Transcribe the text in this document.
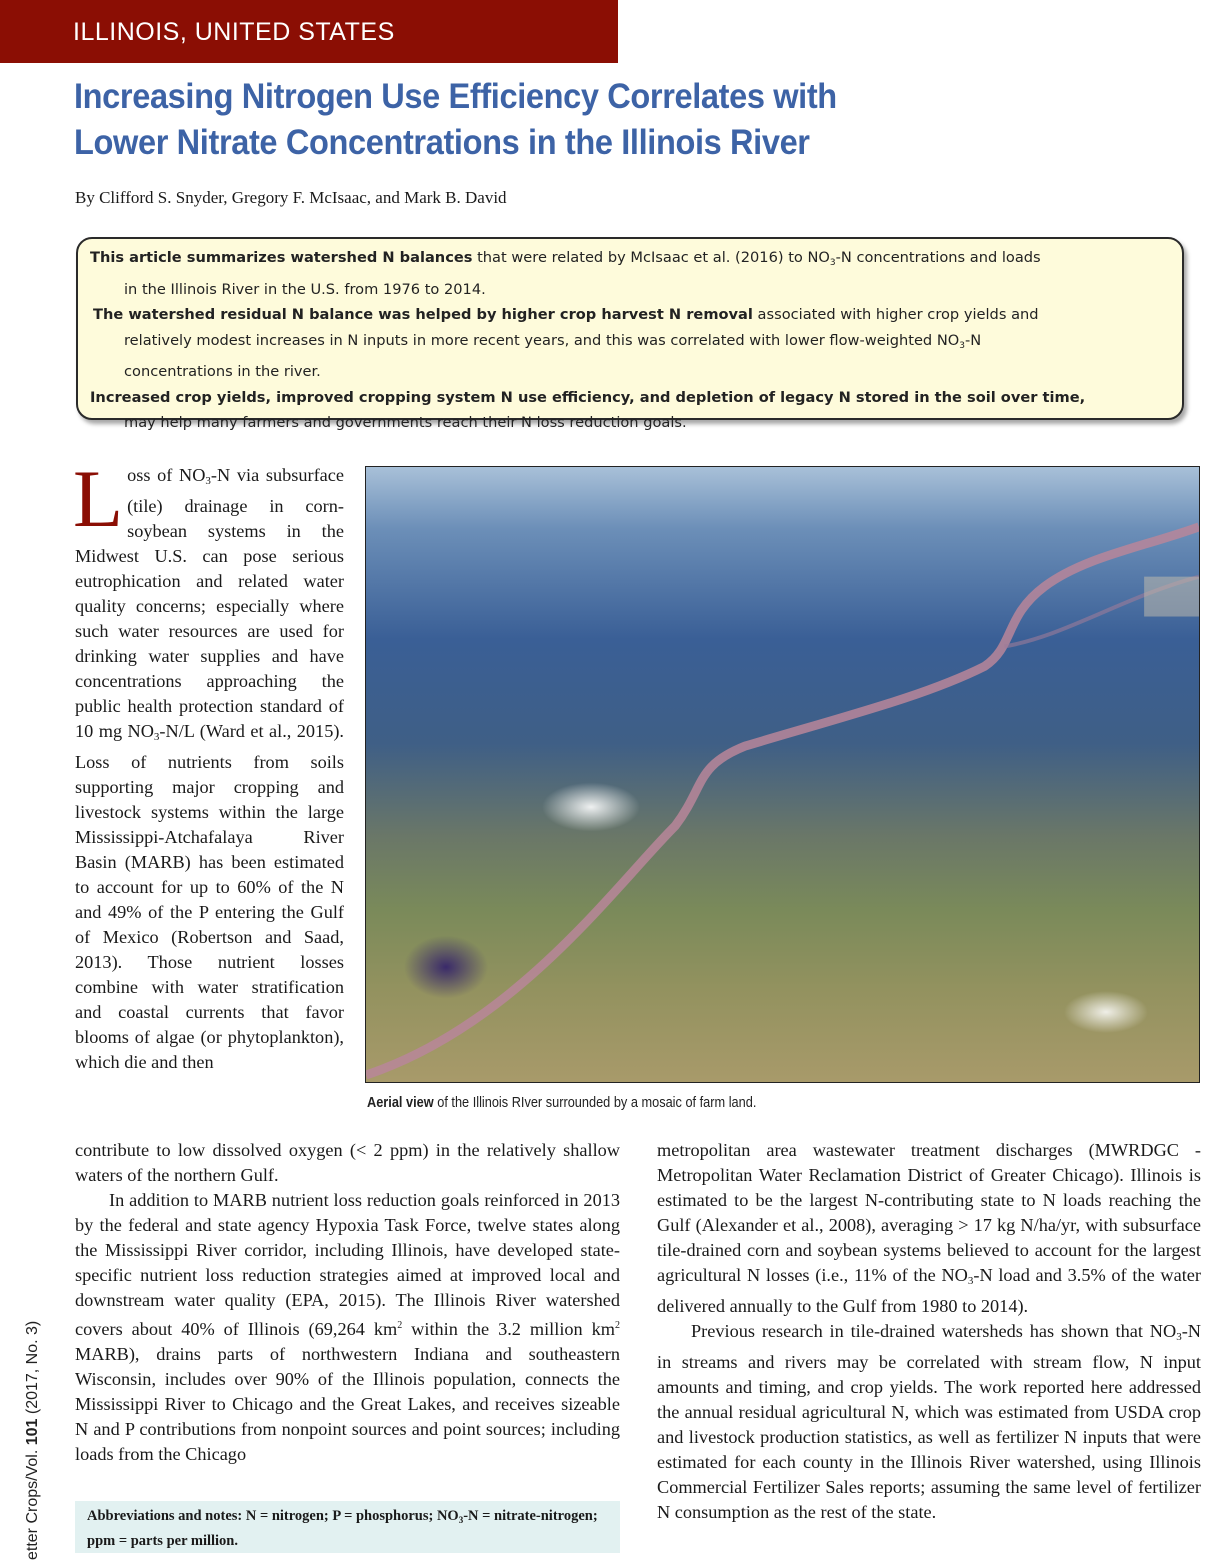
ILLINOIS, UNITED STATES
Increasing Nitrogen Use Efficiency Correlates with
Lower Nitrate Concentrations in the Illinois River
By Clifford S. Snyder, Gregory F. McIsaac, and Mark B. David
This article summarizes watershed N balances that were related by McIsaac et al. (2016) to $NO_3-N$ concentrations and loads
in the Illinois River in the U.S. from 1976 to 2014.
The watershed residual N balance was helped by higher crop harvest N removal associated with higher crop yields and
relatively modest increases in N inputs in more recent years, and this was correlated with lower flow-weighted $NO_3-N$
concentrations in the river.
Increased crop yields, improved cropping system N use efficiency, and depletion of legacy N stored in the soil over time,
may help many farmers and governments reach their N loss reduction goals.
Loss of $NO_3-N$ via subsurface (tile) drainage in corn-soybean systems in the Midwest U.S. can pose serious eutrophication and related water quality concerns; especially where such water resources are used for drinking water supplies and have concentrations approaching the public health protection standard of 10 mg $NO_3-N/L$ (Ward et al., 2015). Loss of nutrients from soils supporting major cropping and livestock systems within the large Mississippi-Atchafalaya River Basin (MARB) has been estimated to account for up to 60% of the N and 49% of the P entering the Gulf of Mexico (Robertson and Saad, 2013). Those nutrient losses combine with water stratification and coastal currents that favor blooms of algae (or phytoplankton), which die and then
Aerial view of the Illinois RIver surrounded by a mosaic of farm land.
contribute to low dissolved oxygen (< 2 ppm) in the relatively shallow waters of the northern Gulf.
In addition to MARB nutrient loss reduction goals reinforced in 2013 by the federal and state agency Hypoxia Task Force, twelve states along the Mississippi River corridor, including Illinois, have developed state-specific nutrient loss reduction strategies aimed at improved local and downstream water quality (EPA, 2015). The Illinois River watershed covers about 40% of Illinois (69,264 $km^2$ within the 3.2 million $km^2$ MARB), drains parts of northwestern Indiana and southeastern Wisconsin, includes over 90% of the Illinois population, connects the Mississippi River to Chicago and the Great Lakes, and receives sizeable N and P contributions from nonpoint sources and point sources; including loads from the Chicago
metropolitan area wastewater treatment discharges (MWRDGC - Metropolitan Water Reclamation District of Greater Chicago). Illinois is estimated to be the largest N-contributing state to N loads reaching the Gulf (Alexander et al., 2008), averaging > 17 kg N/ha/yr, with subsurface tile-drained corn and soybean systems believed to account for the largest agricultural N losses (i.e., 11% of the $NO_3-N$ load and 3.5% of the water delivered annually to the Gulf from 1980 to 2014).
Previous research in tile-drained watersheds has shown that $NO_3-N$ in streams and rivers may be correlated with stream flow, N input amounts and timing, and crop yields. The work reported here addressed the annual residual agricultural N, which was estimated from USDA crop and livestock production statistics, as well as fertilizer N inputs that were estimated for each county in the Illinois River watershed, using Illinois Commercial Fertilizer Sales reports; assuming the same level of fertilizer N consumption as the rest of the state.
Abbreviations and notes: N = nitrogen; P = phosphorus; $NO_3-N$ = nitrate-nitrogen; ppm = parts per million.
etter Crops/Vol. 101 (2017, No. 3)
